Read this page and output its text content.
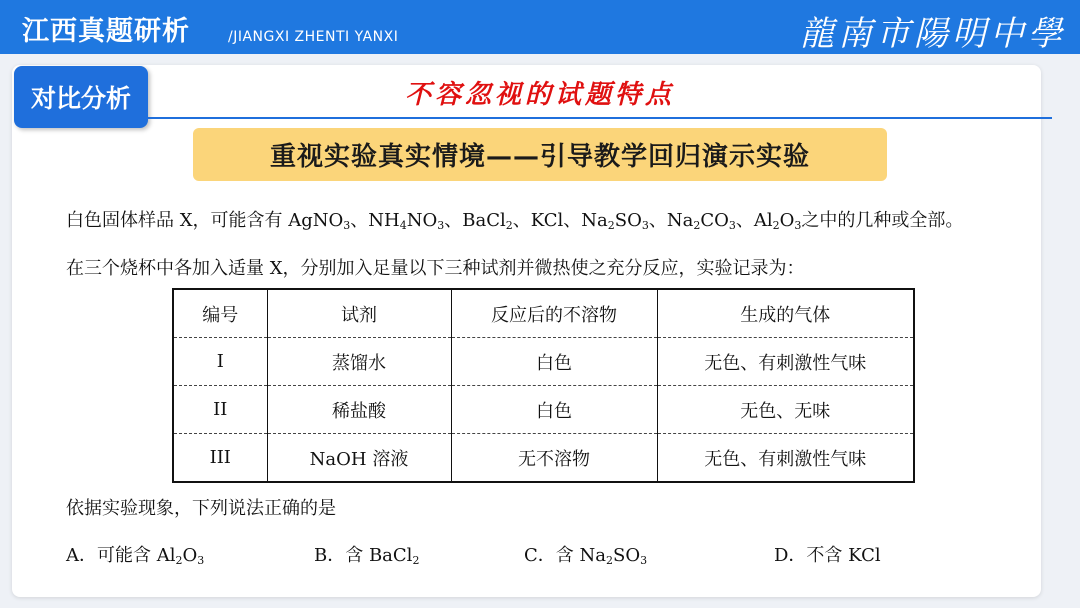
江西真题研析	/JIANGXI ZHENTI YANXI	龍南市陽明中學
对比分析	不容忽视的试题特点
重视实验真实情境——引导教学回归演示实验
白色固体样品 X，可能含有 AgNO$_3$、$NH_4NO_3$、BaCl$_2$、KCl、$Na_2SO_3$、$Na_2CO_3$、$Al_2O_3$之中的几种或全部。
在三个烧杯中各加入适量 X，分别加入足量以下三种试剂并微热使之充分反应，实验记录为：
编号	试剂	反应后的不溶物	生成的气体
I	蒸馏水	白色	无色、有刺激性气味
II	稀盐酸	白色	无色、无味
III	NaOH 溶液	无不溶物	无色、有刺激性气味
依据实验现象，下列说法正确的是
A．可能含 $Al_2O_3$	B．含 BaCl$_2$	C．含 $Na_2SO_3$	D．不含 KCl
